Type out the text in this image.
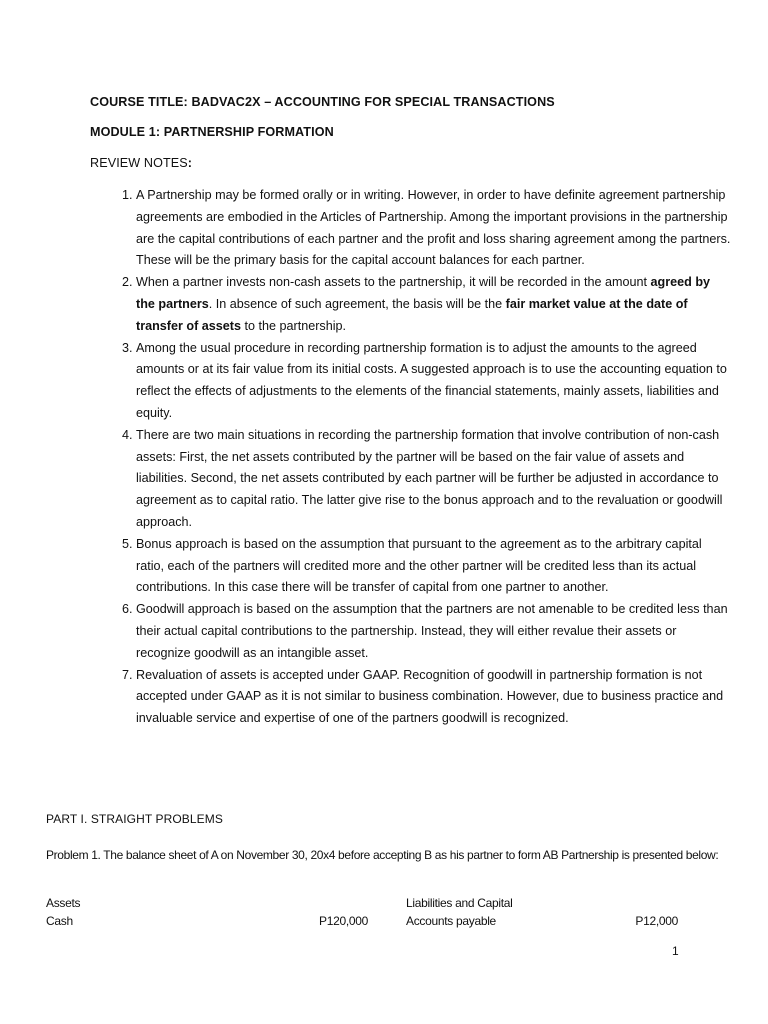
COURSE TITLE: BADVAC2X – ACCOUNTING FOR SPECIAL TRANSACTIONS
MODULE 1: PARTNERSHIP FORMATION
REVIEW NOTES:
1. A Partnership may be formed orally or in writing. However, in order to have definite agreement partnership agreements are embodied in the Articles of Partnership. Among the important provisions in the partnership are the capital contributions of each partner and the profit and loss sharing agreement among the partners. These will be the primary basis for the capital account balances for each partner.
2. When a partner invests non-cash assets to the partnership, it will be recorded in the amount agreed by the partners. In absence of such agreement, the basis will be the fair market value at the date of transfer of assets to the partnership.
3. Among the usual procedure in recording partnership formation is to adjust the amounts to the agreed amounts or at its fair value from its initial costs. A suggested approach is to use the accounting equation to reflect the effects of adjustments to the elements of the financial statements, mainly assets, liabilities and equity.
4. There are two main situations in recording the partnership formation that involve contribution of non-cash assets: First, the net assets contributed by the partner will be based on the fair value of assets and liabilities. Second, the net assets contributed by each partner will be further be adjusted in accordance to agreement as to capital ratio. The latter give rise to the bonus approach and to the revaluation or goodwill approach.
5. Bonus approach is based on the assumption that pursuant to the agreement as to the arbitrary capital ratio, each of the partners will credited more and the other partner will be credited less than its actual contributions. In this case there will be transfer of capital from one partner to another.
6. Goodwill approach is based on the assumption that the partners are not amenable to be credited less than their actual capital contributions to the partnership. Instead, they will either revalue their assets or recognize goodwill as an intangible asset.
7. Revaluation of assets is accepted under GAAP. Recognition of goodwill in partnership formation is not accepted under GAAP as it is not similar to business combination. However, due to business practice and invaluable service and expertise of one of the partners goodwill is recognized.
PART I. STRAIGHT PROBLEMS
Problem 1. The balance sheet of A on November 30, 20x4 before accepting B as his partner to form AB Partnership is presented below:
Assets
Cash	P120,000
Liabilities and Capital
Accounts payable	P12,000
1
